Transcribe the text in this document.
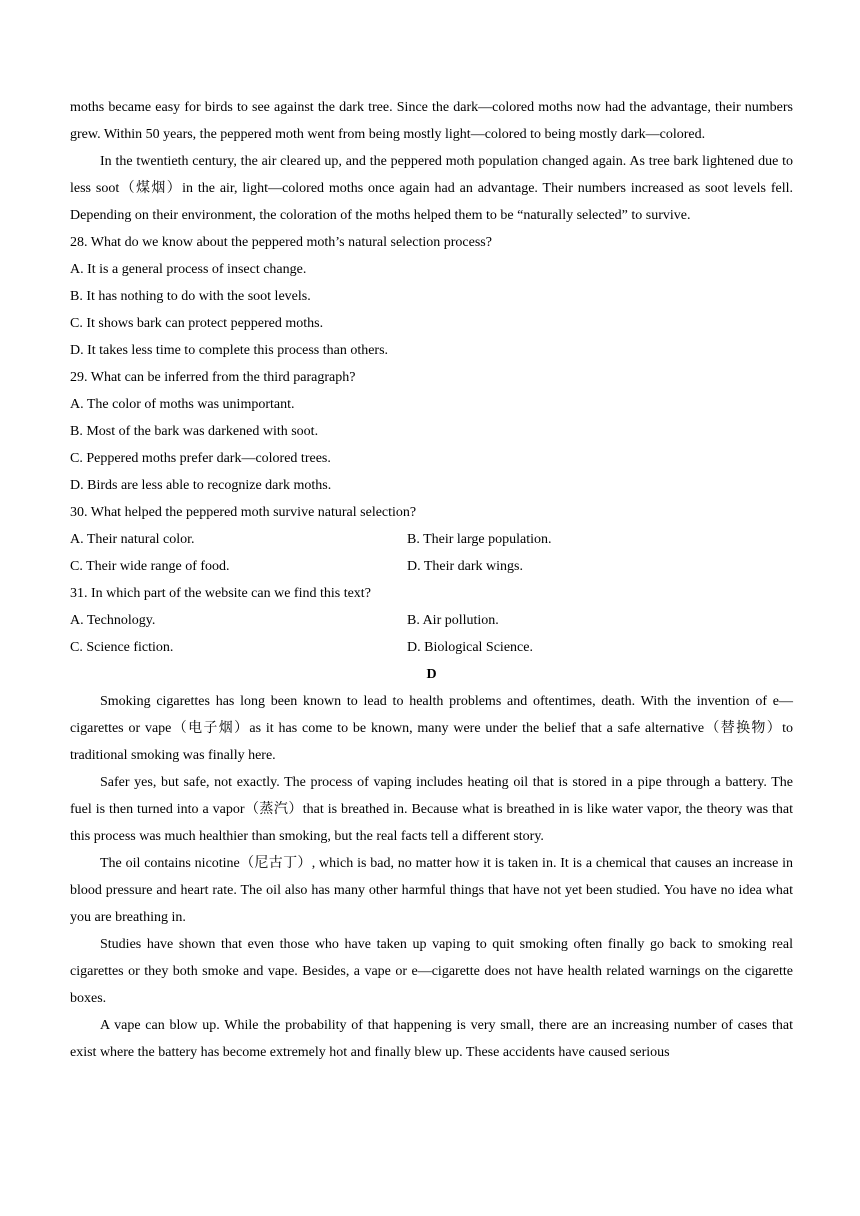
moths became easy for birds to see against the dark tree. Since the dark—colored moths now had the advantage, their numbers grew. Within 50 years, the peppered moth went from being mostly light—colored to being mostly dark—colored.

In the twentieth century, the air cleared up, and the peppered moth population changed again. As tree bark lightened due to less soot（煤烟）in the air, light—colored moths once again had an advantage. Their numbers increased as soot levels fell. Depending on their environment, the coloration of the moths helped them to be “naturally selected” to survive.

28. What do we know about the peppered moth’s natural selection process?

A. It is a general process of insect change.

B. It has nothing to do with the soot levels.

C. It shows bark can protect peppered moths.

D. It takes less time to complete this process than others.

29. What can be inferred from the third paragraph?

A. The color of moths was unimportant.

B. Most of the bark was darkened with soot.

C. Peppered moths prefer dark—colored trees.

D. Birds are less able to recognize dark moths.

30. What helped the peppered moth survive natural selection?

A. Their natural color.	B. Their large population.
C. Their wide range of food.	D. Their dark wings.

31. In which part of the website can we find this text?

A. Technology.	B. Air pollution.
C. Science fiction.	D. Biological Science.

D

Smoking cigarettes has long been known to lead to health problems and oftentimes, death. With the invention of e—cigarettes or vape（电子烟）as it has come to be known, many were under the belief that a safe alternative（替换物）to traditional smoking was finally here.

Safer yes, but safe, not exactly. The process of vaping includes heating oil that is stored in a pipe through a battery. The fuel is then turned into a vapor（蒸汽）that is breathed in. Because what is breathed in is like water vapor, the theory was that this process was much healthier than smoking, but the real facts tell a different story.

The oil contains nicotine（尼古丁）, which is bad, no matter how it is taken in. It is a chemical that causes an increase in blood pressure and heart rate. The oil also has many other harmful things that have not yet been studied. You have no idea what you are breathing in.

Studies have shown that even those who have taken up vaping to quit smoking often finally go back to smoking real cigarettes or they both smoke and vape. Besides, a vape or e—cigarette does not have health related warnings on the cigarette boxes.

A vape can blow up. While the probability of that happening is very small, there are an increasing number of cases that exist where the battery has become extremely hot and finally blew up. These accidents have caused serious
